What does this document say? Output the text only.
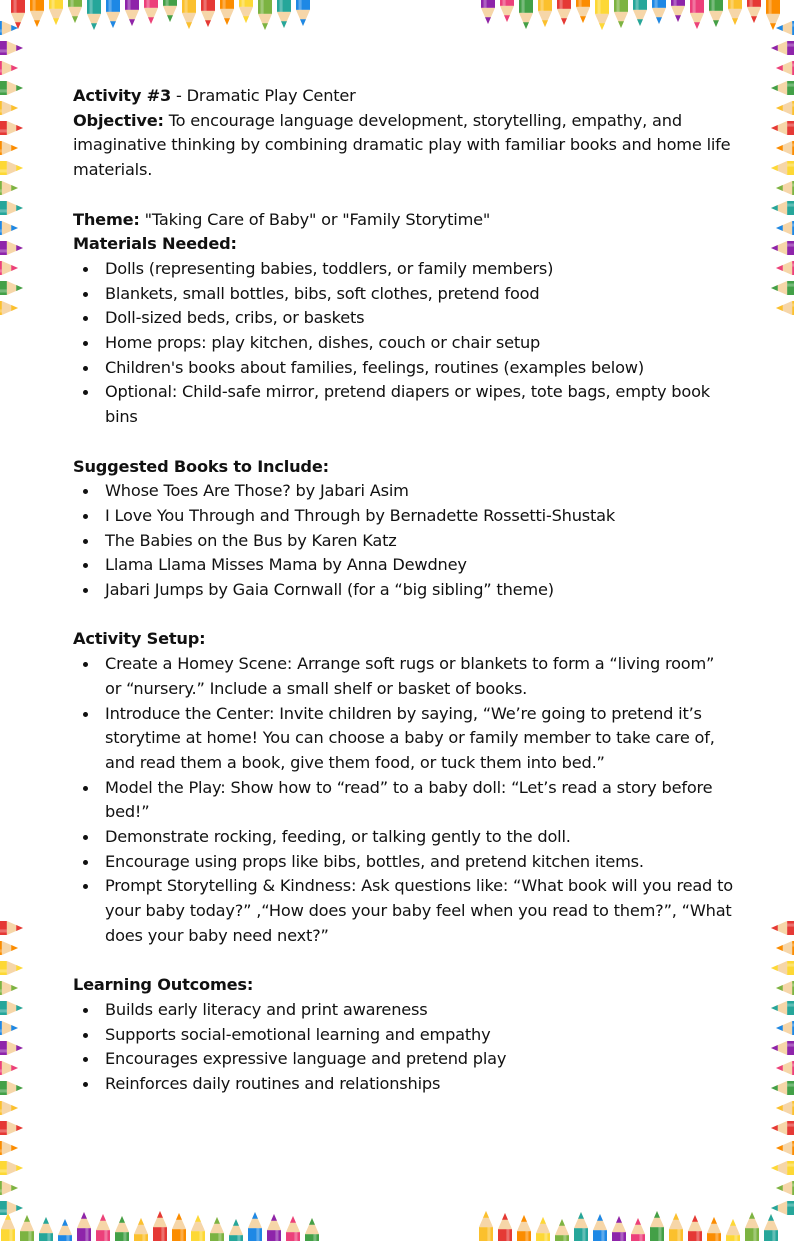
Activity #3 - Dramatic Play Center

Objective: To encourage language development, storytelling, empathy, and imaginative thinking by combining dramatic play with familiar books and home life materials.

Theme: "Taking Care of Baby" or "Family Storytime"

Materials Needed:

Dolls (representing babies, toddlers, or family members)
Blankets, small bottles, bibs, soft clothes, pretend food
Doll-sized beds, cribs, or baskets
Home props: play kitchen, dishes, couch or chair setup
Children's books about families, feelings, routines (examples below)
Optional: Child-safe mirror, pretend diapers or wipes, tote bags, empty book bins

Suggested Books to Include:

Whose Toes Are Those? by Jabari Asim
I Love You Through and Through by Bernadette Rossetti-Shustak
The Babies on the Bus by Karen Katz
Llama Llama Misses Mama by Anna Dewdney
Jabari Jumps by Gaia Cornwall (for a “big sibling” theme)

Activity Setup:

Create a Homey Scene: Arrange soft rugs or blankets to form a “living room” or “nursery.” Include a small shelf or basket of books.
Introduce the Center: Invite children by saying, “We’re going to pretend it’s storytime at home! You can choose a baby or family member to take care of, and read them a book, give them food, or tuck them into bed.”
Model the Play: Show how to “read” to a baby doll: “Let’s read a story before bed!”
Demonstrate rocking, feeding, or talking gently to the doll.
Encourage using props like bibs, bottles, and pretend kitchen items.
Prompt Storytelling & Kindness: Ask questions like: “What book will you read to your baby today?” ,“How does your baby feel when you read to them?”, “What does your baby need next?”

Learning Outcomes:

Builds early literacy and print awareness
Supports social-emotional learning and empathy
Encourages expressive language and pretend play
Reinforces daily routines and relationships
